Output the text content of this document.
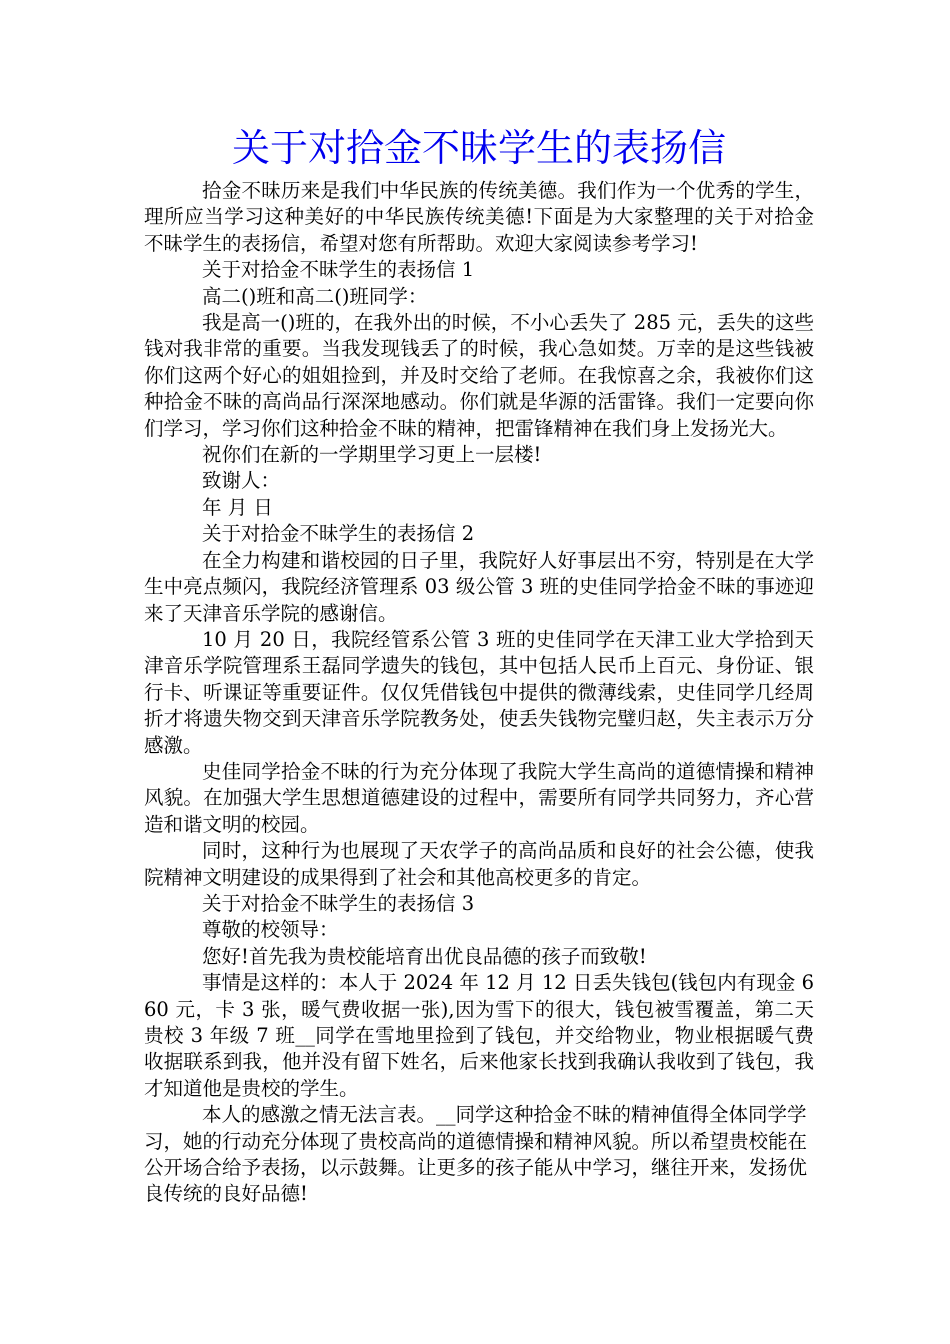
关于对拾金不昧学生的表扬信

拾金不昧历来是我们中华民族的传统美德。我们作为一个优秀的学生，理所应当学习这种美好的中华民族传统美德!下面是为大家整理的关于对拾金不昧学生的表扬信，希望对您有所帮助。欢迎大家阅读参考学习!

关于对拾金不昧学生的表扬信 1

高二()班和高二()班同学：

我是高一()班的，在我外出的时候，不小心丢失了 285 元，丢失的这些钱对我非常的重要。当我发现钱丢了的时候，我心急如焚。万幸的是这些钱被你们这两个好心的姐姐捡到，并及时交给了老师。在我惊喜之余，我被你们这种拾金不昧的高尚品行深深地感动。你们就是华源的活雷锋。我们一定要向你们学习，学习你们这种拾金不昧的精神，把雷锋精神在我们身上发扬光大。

祝你们在新的一学期里学习更上一层楼!

致谢人：

年 月 日

关于对拾金不昧学生的表扬信 2

在全力构建和谐校园的日子里，我院好人好事层出不穷，特别是在大学生中亮点频闪，我院经济管理系 03 级公管 3 班的史佳同学拾金不昧的事迹迎来了天津音乐学院的感谢信。

10 月 20 日，我院经管系公管 3 班的史佳同学在天津工业大学拾到天津音乐学院管理系王磊同学遗失的钱包，其中包括人民币上百元、身份证、银行卡、听课证等重要证件。仅仅凭借钱包中提供的微薄线索，史佳同学几经周折才将遗失物交到天津音乐学院教务处，使丢失钱物完璧归赵，失主表示万分感激。

史佳同学拾金不昧的行为充分体现了我院大学生高尚的道德情操和精神风貌。在加强大学生思想道德建设的过程中，需要所有同学共同努力，齐心营造和谐文明的校园。

同时，这种行为也展现了天农学子的高尚品质和良好的社会公德，使我院精神文明建设的成果得到了社会和其他高校更多的肯定。

关于对拾金不昧学生的表扬信 3

尊敬的校领导：

您好!首先我为贵校能培育出优良品德的孩子而致敬!

事情是这样的：本人于 2024 年 12 月 12 日丢失钱包(钱包内有现金 660 元，卡 3 张，暖气费收据一张),因为雪下的很大，钱包被雪覆盖，第二天贵校 3 年级 7 班__同学在雪地里捡到了钱包，并交给物业，物业根据暖气费收据联系到我，他并没有留下姓名，后来他家长找到我确认我收到了钱包，我才知道他是贵校的学生。

本人的感激之情无法言表。__同学这种拾金不昧的精神值得全体同学学习，她的行动充分体现了贵校高尚的道德情操和精神风貌。所以希望贵校能在公开场合给予表扬，以示鼓舞。让更多的孩子能从中学习，继往开来，发扬优良传统的良好品德!
